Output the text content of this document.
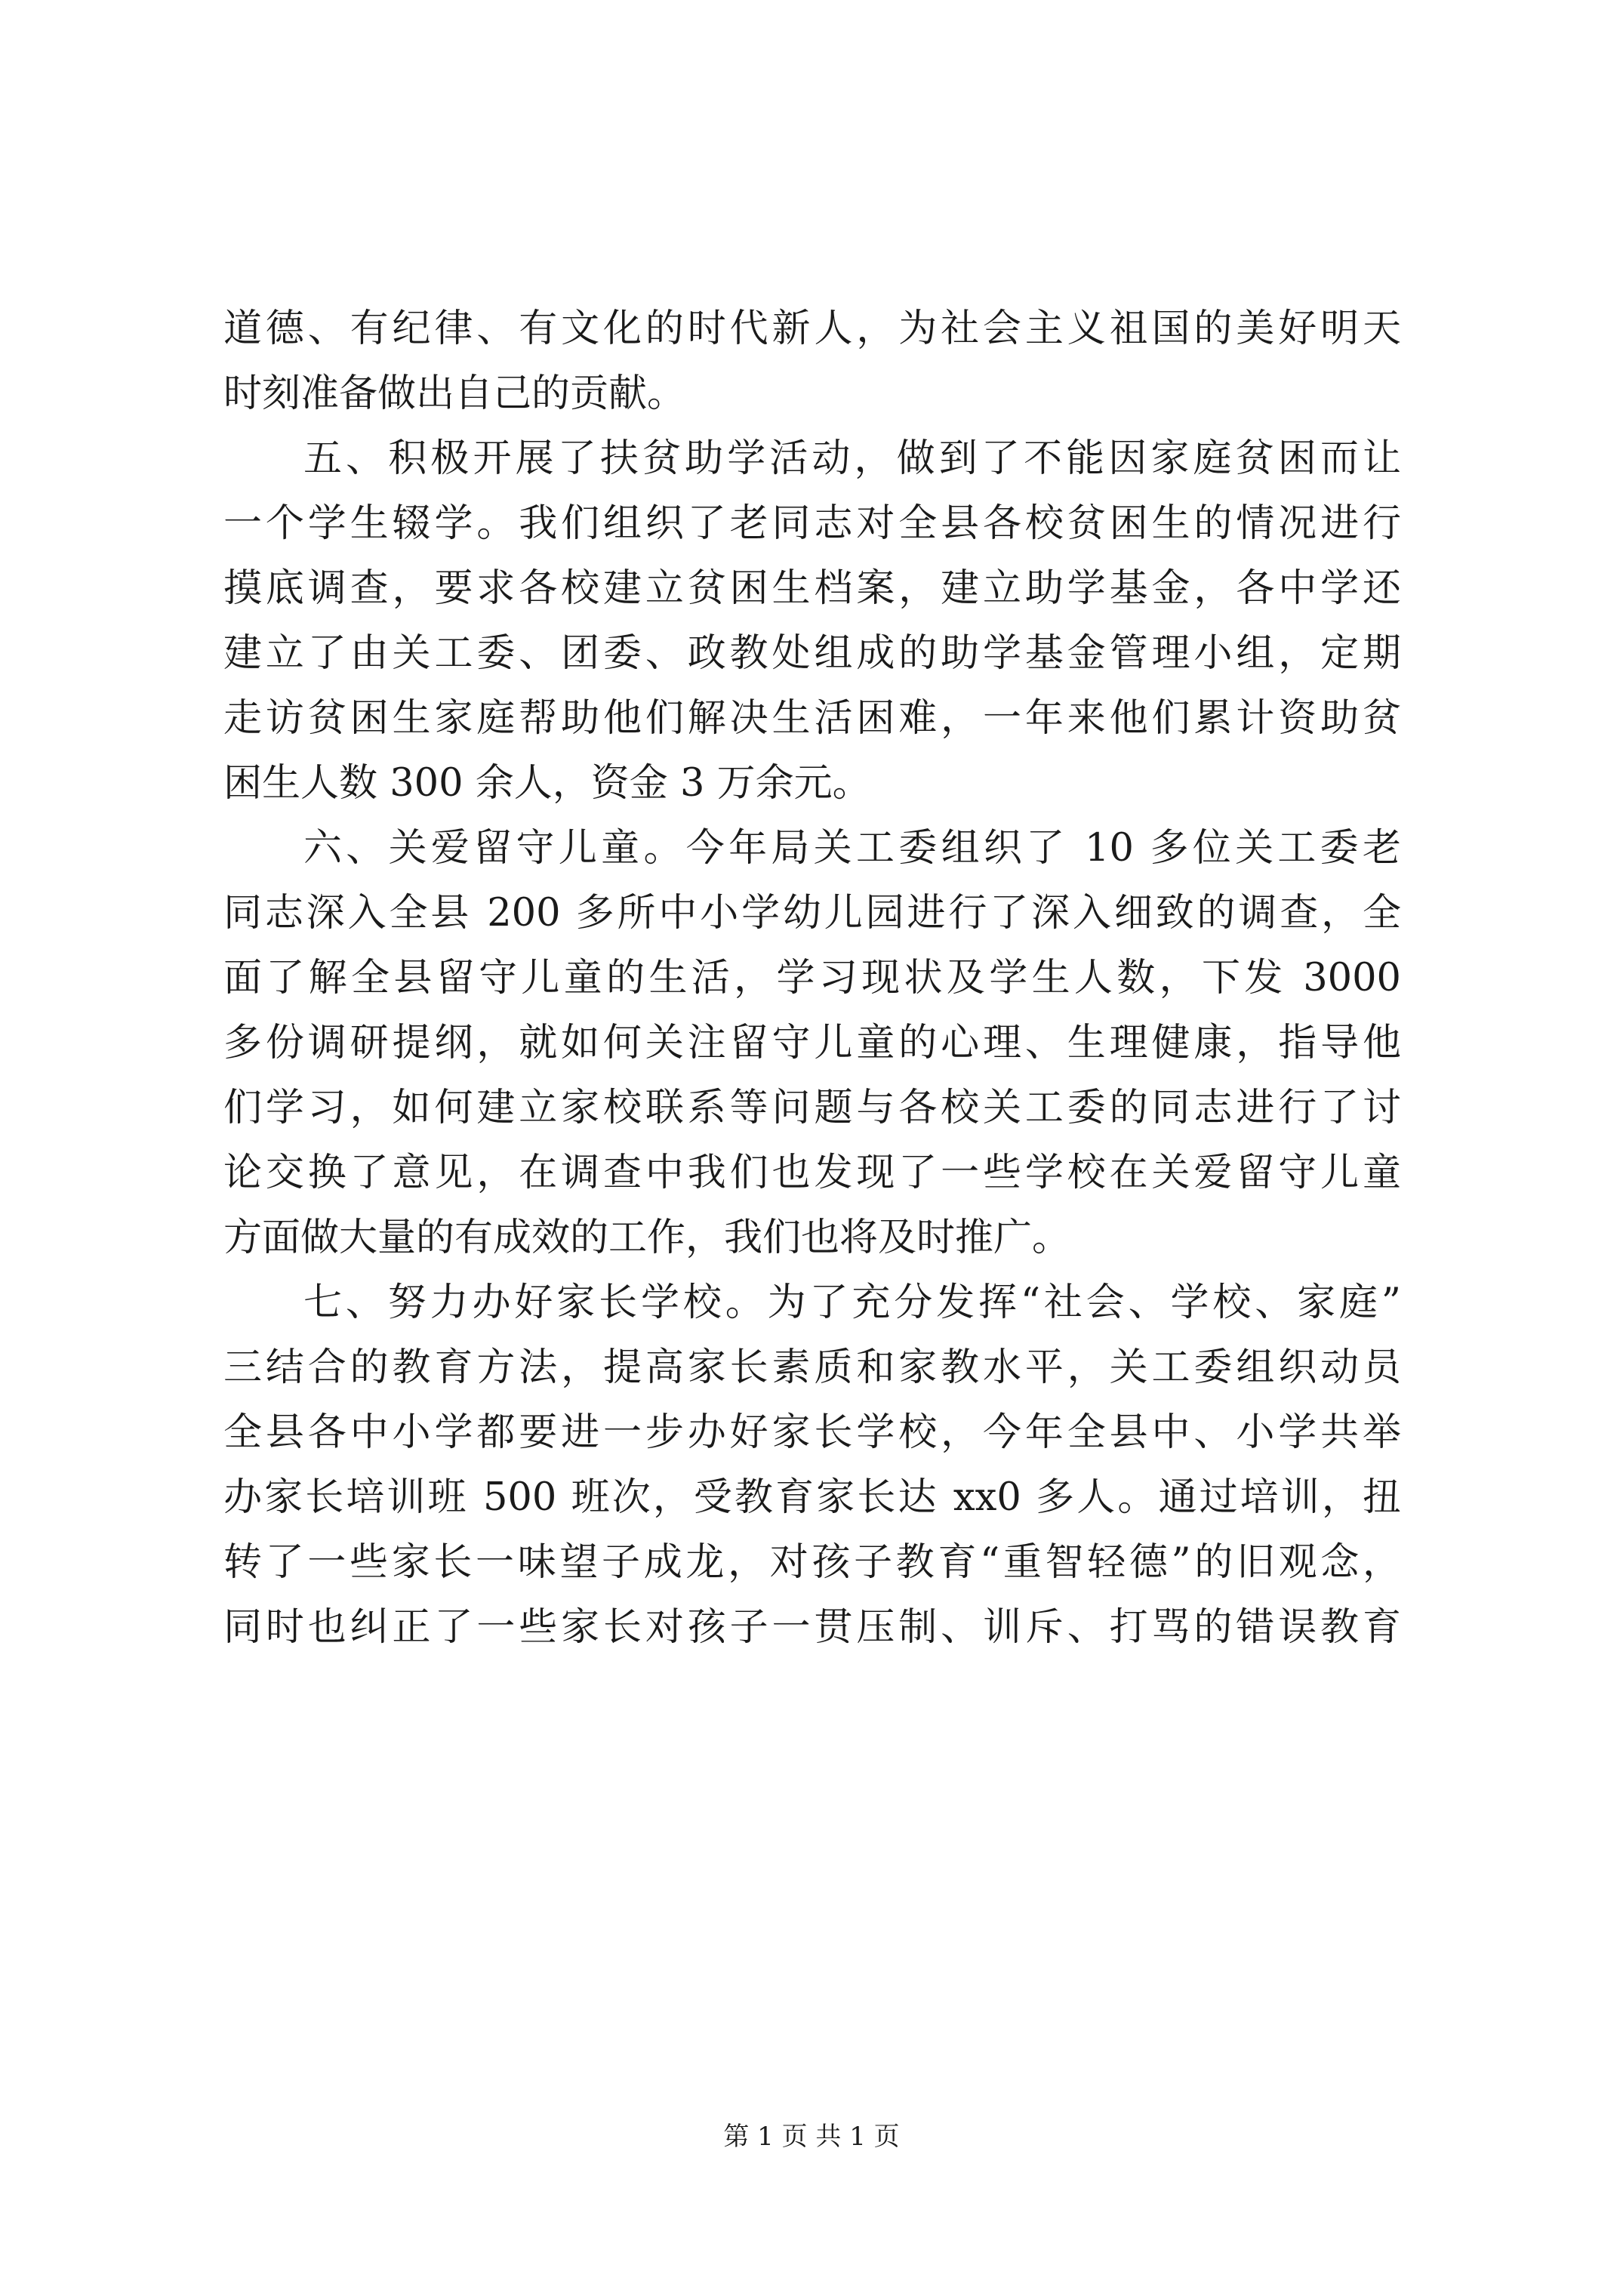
道德、有纪律、有文化的时代新人，为社会主义祖国的美好明天
时刻准备做出自己的贡献。
五、积极开展了扶贫助学活动，做到了不能因家庭贫困而让
一个学生辍学。我们组织了老同志对全县各校贫困生的情况进行
摸底调查，要求各校建立贫困生档案，建立助学基金，各中学还
建立了由关工委、团委、政教处组成的助学基金管理小组，定期
走访贫困生家庭帮助他们解决生活困难，一年来他们累计资助贫
困生人数 300 余人，资金 3 万余元。
六、关爱留守儿童。今年局关工委组织了 10 多位关工委老
同志深入全县 200 多所中小学幼儿园进行了深入细致的调查，全
面了解全县留守儿童的生活，学习现状及学生人数，下发 3000
多份调研提纲，就如何关注留守儿童的心理、生理健康，指导他
们学习，如何建立家校联系等问题与各校关工委的同志进行了讨
论交换了意见，在调查中我们也发现了一些学校在关爱留守儿童
方面做大量的有成效的工作，我们也将及时推广。
七、努力办好家长学校。为了充分发挥“社会、学校、家庭”
三结合的教育方法，提高家长素质和家教水平，关工委组织动员
全县各中小学都要进一步办好家长学校，今年全县中、小学共举
办家长培训班 500 班次，受教育家长达 xx0 多人。通过培训，扭
转了一些家长一味望子成龙，对孩子教育“重智轻德”的旧观念，
同时也纠正了一些家长对孩子一贯压制、训斥、打骂的错误教育
第 1 页 共 1 页
